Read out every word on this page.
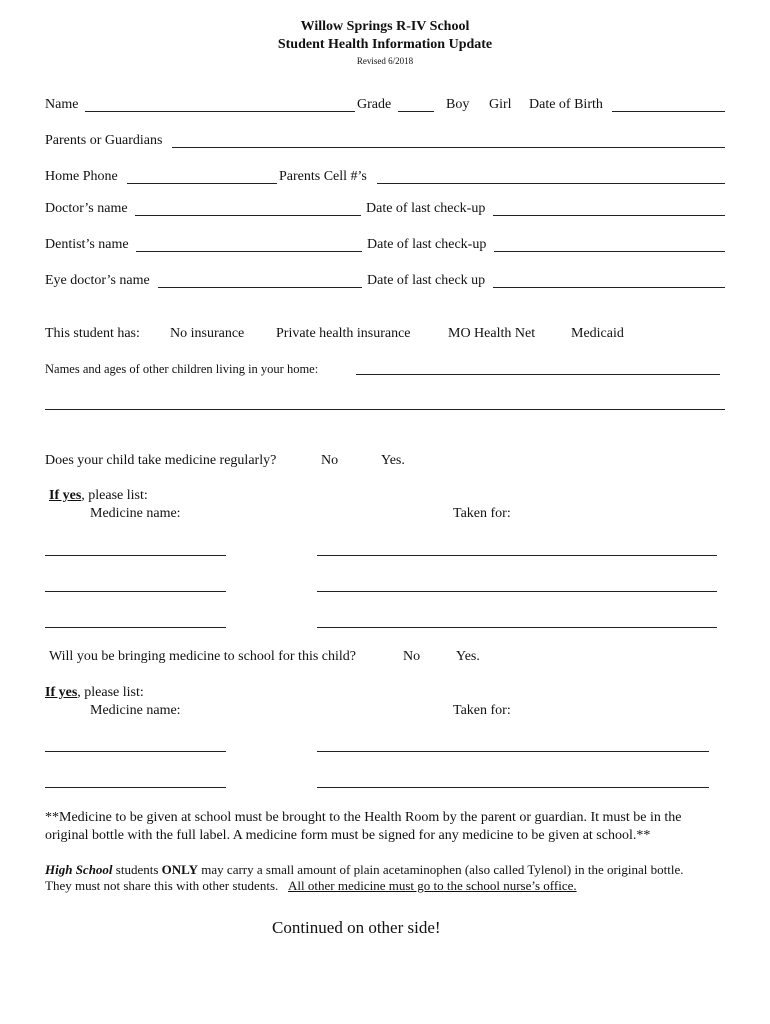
Willow Springs R-IV School
Student Health Information Update
Revised 6/2018
Name	Grade	Boy Girl Date of Birth
Parents or Guardians
Home Phone	Parents Cell #’s
Doctor’s name	Date of last check-up
Dentist’s name	Date of last check-up
Eye doctor’s name	Date of last check up
This student has: No insurance Private health insurance	MO Health Net	Medicaid
Names and ages of other children living in your home:
Does your child take medicine regularly?	No	Yes.
If yes, please list:
Medicine name:	Taken for:
Will you be bringing medicine to school for this child?	No	Yes.
If yes, please list:
Medicine name:	Taken for:
**Medicine to be given at school must be brought to the Health Room by the parent or guardian. It must be in the
original bottle with the full label. A medicine form must be signed for any medicine to be given at school.**
High School students ONLY may carry a small amount of plain acetaminophen (also called Tylenol) in the original bottle.
They must not share this with other students. All other medicine must go to the school nurse’s office.
Continued on other side!
